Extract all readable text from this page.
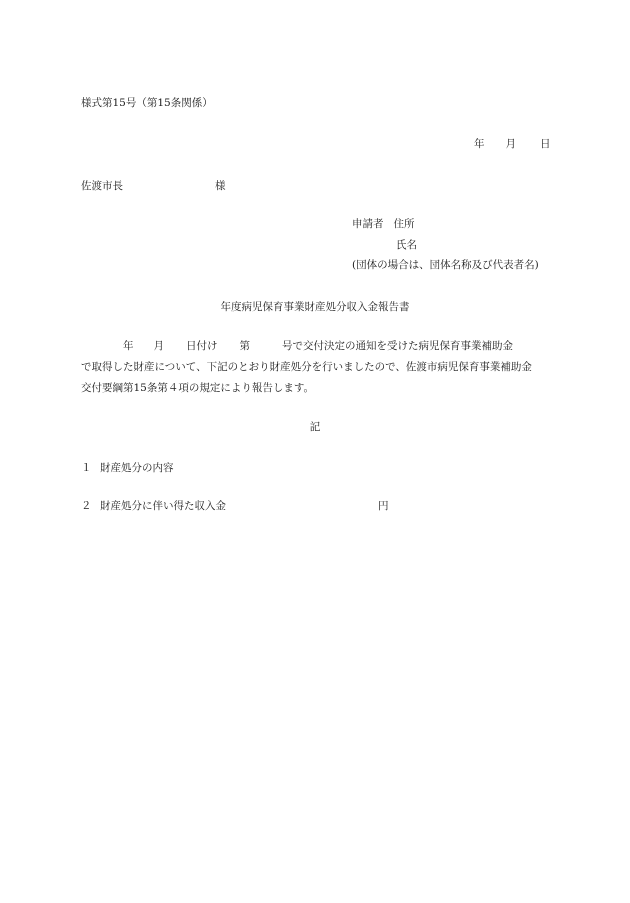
様式第15号（第15条関係）
年 月 日
佐渡市長	様
申請者 住所
氏名
(団体の場合は、団体名称及び代表者名)
年度病児保育事業財産処分収入金報告書
年 月 日付け 第	号で交付決定の通知を受けた病児保育事業補助金
で取得した財産について、下記のとおり財産処分を行いましたので、佐渡市病児保育事業補助金
交付要綱第15条第４項の規定により報告します。
記
１ 財産処分の内容
２ 財産処分に伴い得た収入金	円
